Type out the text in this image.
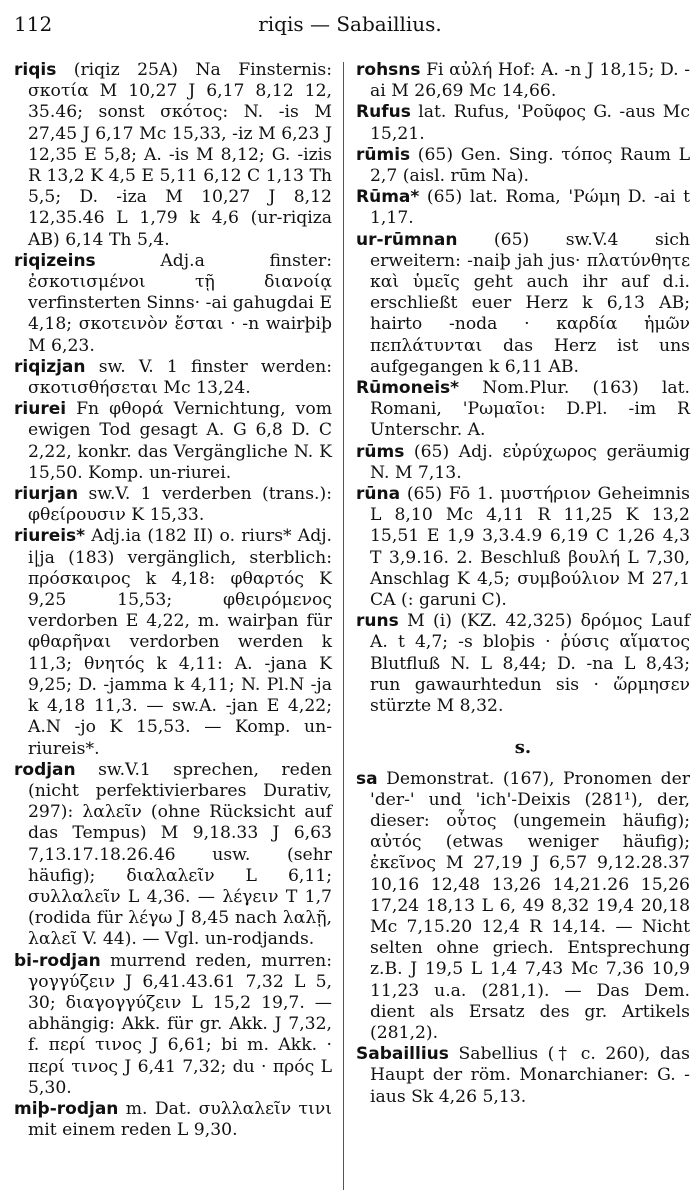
112	riqis — Sabaillius.

riqis (riqiz 25A) Na Finsternis: σκοτία M 10,27 J 6,17 8,12 12, 35.46; sonst σκότος: N. -is M 27,45 J 6,17 Mc 15,33, -iz M 6,23 J 12,35 E 5,8; A. -is M 8,12; G. -izis R 13,2 K 4,5 E 5,11 6,12 C 1,13 Th 5,5; D. -iza M 10,27 J 8,12 12,35.46 L 1,79 k 4,6 (ur-riqiza AB) 6,14 Th 5,4.

riqizeins Adj.a finster: ἐσκοτισμένοι τῇ διανοίᾳ verfinsterten Sinns· -ai gahugdai E 4,18; σκοτεινὸν ἔσται · -n wairþiþ M 6,23.

riqizjan sw. V. 1 finster werden: σκοτισθήσεται Mc 13,24.

riurei Fn φθορά Vernichtung, vom ewigen Tod gesagt A. G 6,8 D. C 2,22, konkr. das Vergängliche N. K 15,50. Komp. un-riurei.

riurjan sw.V. 1 verderben (trans.): φθείρουσιν K 15,33.

riureis* Adj.ia (182 II) o. riurs* Adj. i|ja (183) vergänglich, sterblich: πρόσκαιρος k 4,18: φθαρτός K 9,25 15,53; φθειρόμενος verdorben E 4,22, m. wairþan für φθαρῆναι verdorben werden k 11,3; θνητός k 4,11: A. -jana K 9,25; D. -jamma k 4,11; N. Pl.N -ja k 4,18 11,3. — sw.A. -jan E 4,22; A.N -jo K 15,53. — Komp. un-riureis*.

rodjan sw.V.1 sprechen, reden (nicht perfektivierbares Durativ, 297): λαλεῖν (ohne Rücksicht auf das Tempus) M 9,18.33 J 6,63 7,13.17.18.26.46 usw. (sehr häufig); διαλαλεῖν L 6,11; συλλαλεῖν L 4,36. — λέγειν T 1,7 (rodida für λέγω J 8,45 nach λαλῇ, λαλεῖ V. 44). — Vgl. un-rodjands.

bi-rodjan murrend reden, murren: γογγύζειν J 6,41.43.61 7,32 L 5, 30; διαγογγύζειν L 15,2 19,7. — abhängig: Akk. für gr. Akk. J 7,32, f. περί τινος J 6,61; bi m. Akk. · περί τινος J 6,41 7,32; du · πρός L 5,30.

miþ-rodjan m. Dat. συλλαλεῖν τινι mit einem reden L 9,30.

rohsns Fi αὐλή Hof: A. -n J 18,15; D. -ai M 26,69 Mc 14,66.

Rufus lat. Rufus, 'Ροῦφος G. -aus Mc 15,21.

rūmis (65) Gen. Sing. τόπος Raum L 2,7 (aisl. rūm Na).

Rūma* (65) lat. Roma, 'Ρώμη D. -ai t 1,17.

ur-rūmnan (65) sw.V.4 sich erweitern: -naiþ jah jus· πλατύνθητε καὶ ὑμεῖς geht auch ihr auf d.i. erschließt euer Herz k 6,13 AB; hairto -noda · καρδία ἡμῶν πεπλάτυνται das Herz ist uns aufgegangen k 6,11 AB.

Rūmoneis* Nom.Plur. (163) lat. Romani, 'Ρωμαῖοι: D.Pl. -im R Unterschr. A.

rūms (65) Adj. εὐρύχωρος geräumig N. M 7,13.

rūna (65) Fō 1. μυστήριον Geheimnis L 8,10 Mc 4,11 R 11,25 K 13,2 15,51 E 1,9 3,3.4.9 6,19 C 1,26 4,3 T 3,9.16. 2. Beschluß βουλή L 7,30, Anschlag K 4,5; συμβούλιον M 27,1 CA (: garuni C).

runs M (i) (KZ. 42,325) δρόμος Lauf A. t 4,7; -s bloþis · ῥύσις αἵματος Blutfluß N. L 8,44; D. -na L 8,43; run gawaurhtedun sis · ὥρμησεν stürzte M 8,32.

s.

sa Demonstrat. (167), Pronomen der 'der-' und 'ich'-Deixis (281¹), der, dieser: οὗτος (ungemein häufig); αὐτός (etwas weniger häufig); ἐκεῖνος M 27,19 J 6,57 9,12.28.37 10,16 12,48 13,26 14,21.26 15,26 17,24 18,13 L 6, 49 8,32 19,4 20,18 Mc 7,15.20 12,4 R 14,14. — Nicht selten ohne griech. Entsprechung z.B. J 19,5 L 1,4 7,43 Mc 7,36 10,9 11,23 u.a. (281,1). — Das Dem. dient als Ersatz des gr. Artikels (281,2).

Sabaillius Sabellius († c. 260), das Haupt der röm. Monarchianer: G. -iaus Sk 4,26 5,13.
